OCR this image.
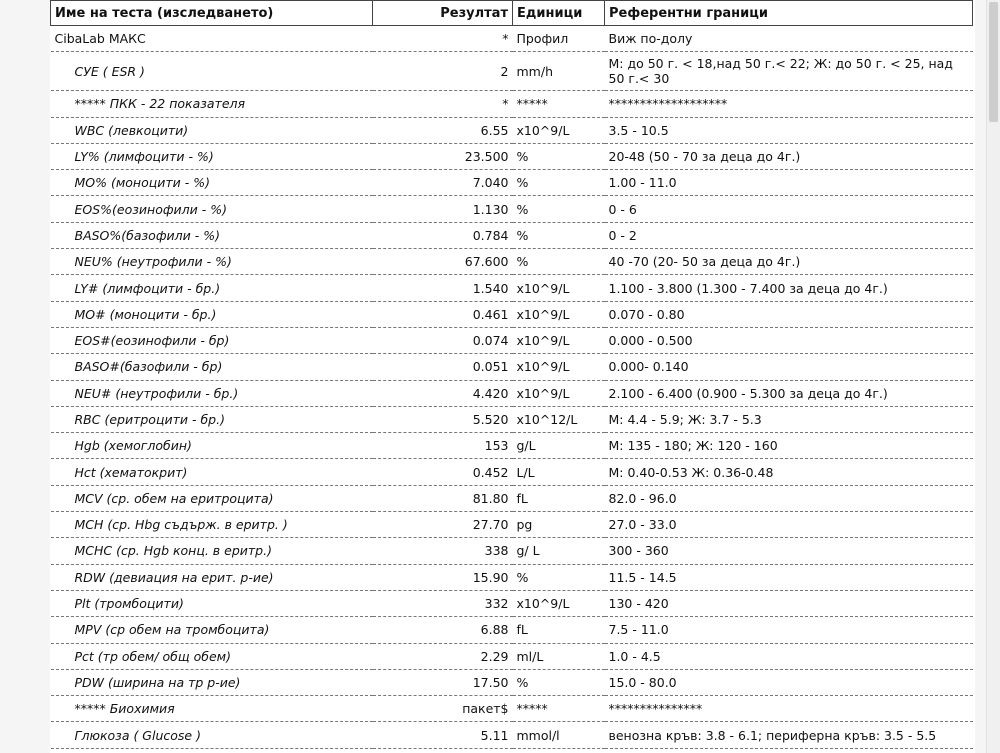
Име на теста (изследването)	Резултат	Единици	Референтни граници
CibaLab МАКС	*	Профил	Виж по-долу
СУЕ ( ESR )	2	mm/h	М: до 50 г. < 18,над 50 г.< 22; Ж: до 50 г. < 25, над 50 г.< 30
***** ПКК - 22 показателя	*	*****	*******************
WBC (левкоцити)	6.55	x10^9/L	3.5 - 10.5
LY% (лимфоцити - %)	23.500	%	20-48 (50 - 70 за деца до 4г.)
MO% (моноцити - %)	7.040	%	1.00 - 11.0
EOS%(еозинофили - %)	1.130	%	0 - 6
BASO%(базофили - %)	0.784	%	0 - 2
NEU% (неутрофили - %)	67.600	%	40 -70 (20- 50 за деца до 4г.)
LY# (лимфоцити - бр.)	1.540	x10^9/L	1.100 - 3.800 (1.300 - 7.400 за деца до 4г.)
MO# (моноцити - бр.)	0.461	x10^9/L	0.070 - 0.80
EOS#(еозинофили - бр)	0.074	x10^9/L	0.000 - 0.500
BASO#(базофили - бр)	0.051	x10^9/L	0.000- 0.140
NEU# (неутрофили - бр.)	4.420	x10^9/L	2.100 - 6.400 (0.900 - 5.300 за деца до 4г.)
RBC (еритроцити - бр.)	5.520	x10^12/L	М: 4.4 - 5.9; Ж: 3.7 - 5.3
Hgb (хемоглобин)	153	g/L	М: 135 - 180; Ж: 120 - 160
Hct (хематокрит)	0.452	L/L	М: 0.40-0.53 Ж: 0.36-0.48
MCV (ср. обем на еритроцита)	81.80	fL	82.0 - 96.0
MCH (ср. Hbg съдърж. в еритр. )	27.70	pg	27.0 - 33.0
MCHC (ср. Hgb конц. в еритр.)	338	g/ L	300 - 360
RDW (девиация на ерит. р-ие)	15.90	%	11.5 - 14.5
Plt (тромбоцити)	332	x10^9/L	130 - 420
MPV (ср обем на тромбоцита)	6.88	fL	7.5 - 11.0
Pct (тр обем/ общ обем)	2.29	ml/L	1.0 - 4.5
PDW (ширина на тр р-ие)	17.50	%	15.0 - 80.0
***** Биохимия	пакет$	*****	***************
Глюкоза ( Glucose )	5.11	mmol/l	венозна кръв: 3.8 - 6.1; периферна кръв: 3.5 - 5.5
